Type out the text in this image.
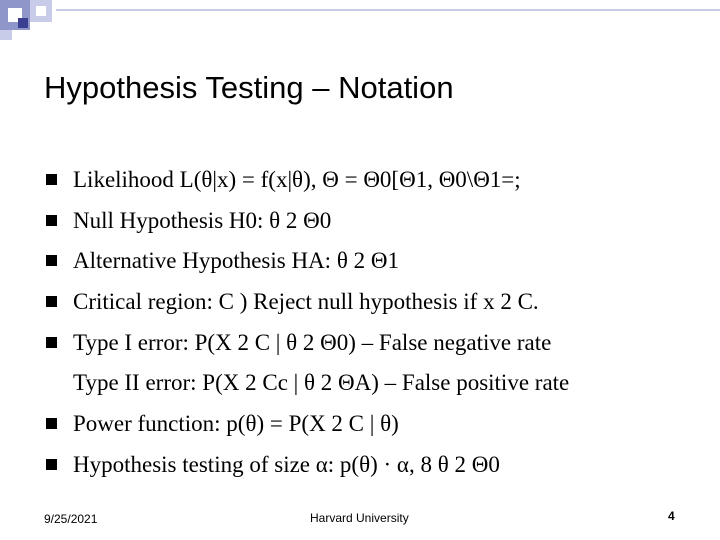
Hypothesis Testing – Notation
Likelihood L(θ|x) = f(x|θ), Θ = Θ0[Θ1, Θ0\Θ1=;
Null Hypothesis H0: θ 2 Θ0
Alternative Hypothesis HA: θ 2 Θ1
Critical region: C ) Reject null hypothesis if x 2 C.
Type I error: P(X 2 C | θ 2 Θ0) – False negative rate
Type II error: P(X 2 Cc | θ 2 ΘA) – False positive rate
Power function: p(θ) = P(X 2 C | θ)
Hypothesis testing of size α: p(θ) · α, 8 θ 2 Θ0
9/25/2021	Harvard University	4
